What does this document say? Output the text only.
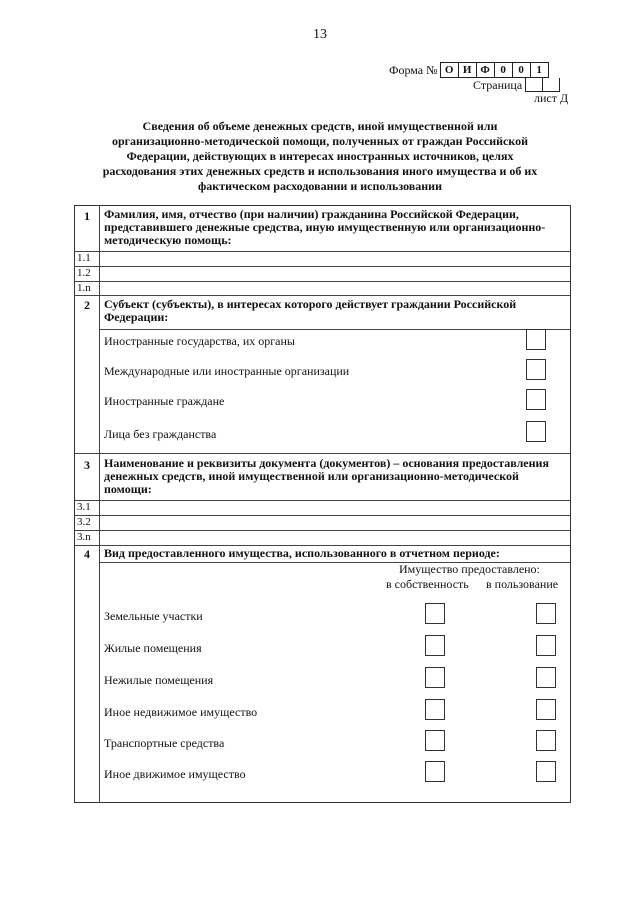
13
Форма № О И Ф 0	0	1
Страница
лист Д
Сведения об объеме денежных средств, иной имущественной или организационно-методической помощи, полученных от граждан Российской Федерации, действующих в интересах иностранных источников, целях расходования этих денежных средств и использования иного имущества и об их фактическом расходовании и использовании
1	Фамилия, имя, отчество (при наличии) гражданина Российской Федерации, представившего денежные средства, иную имущественную или организационно-методическую помощь:
1.1
1.2
1.n
2	Субъект (субъекты), в интересах которого действует граждании Российской Федерации:
Иностранные государства, их органы
Международные или иностранные организации
Иностранные граждане
Лица без гражданства
3	Наименование и реквизиты документа (документов) – основания предоставления денежных средств, иной имущественной или организационно-методической помощи:
3.1
3.2
3.n
4	Вид предоставленного имущества, использованного в отчетном периоде:
Имущество предоставлено:
в собственность в пользование
Земельные участки
Жилые помещения
Нежилые помещения
Иное недвижимое имущество
Транспортные средства
Иное движимое имущество
